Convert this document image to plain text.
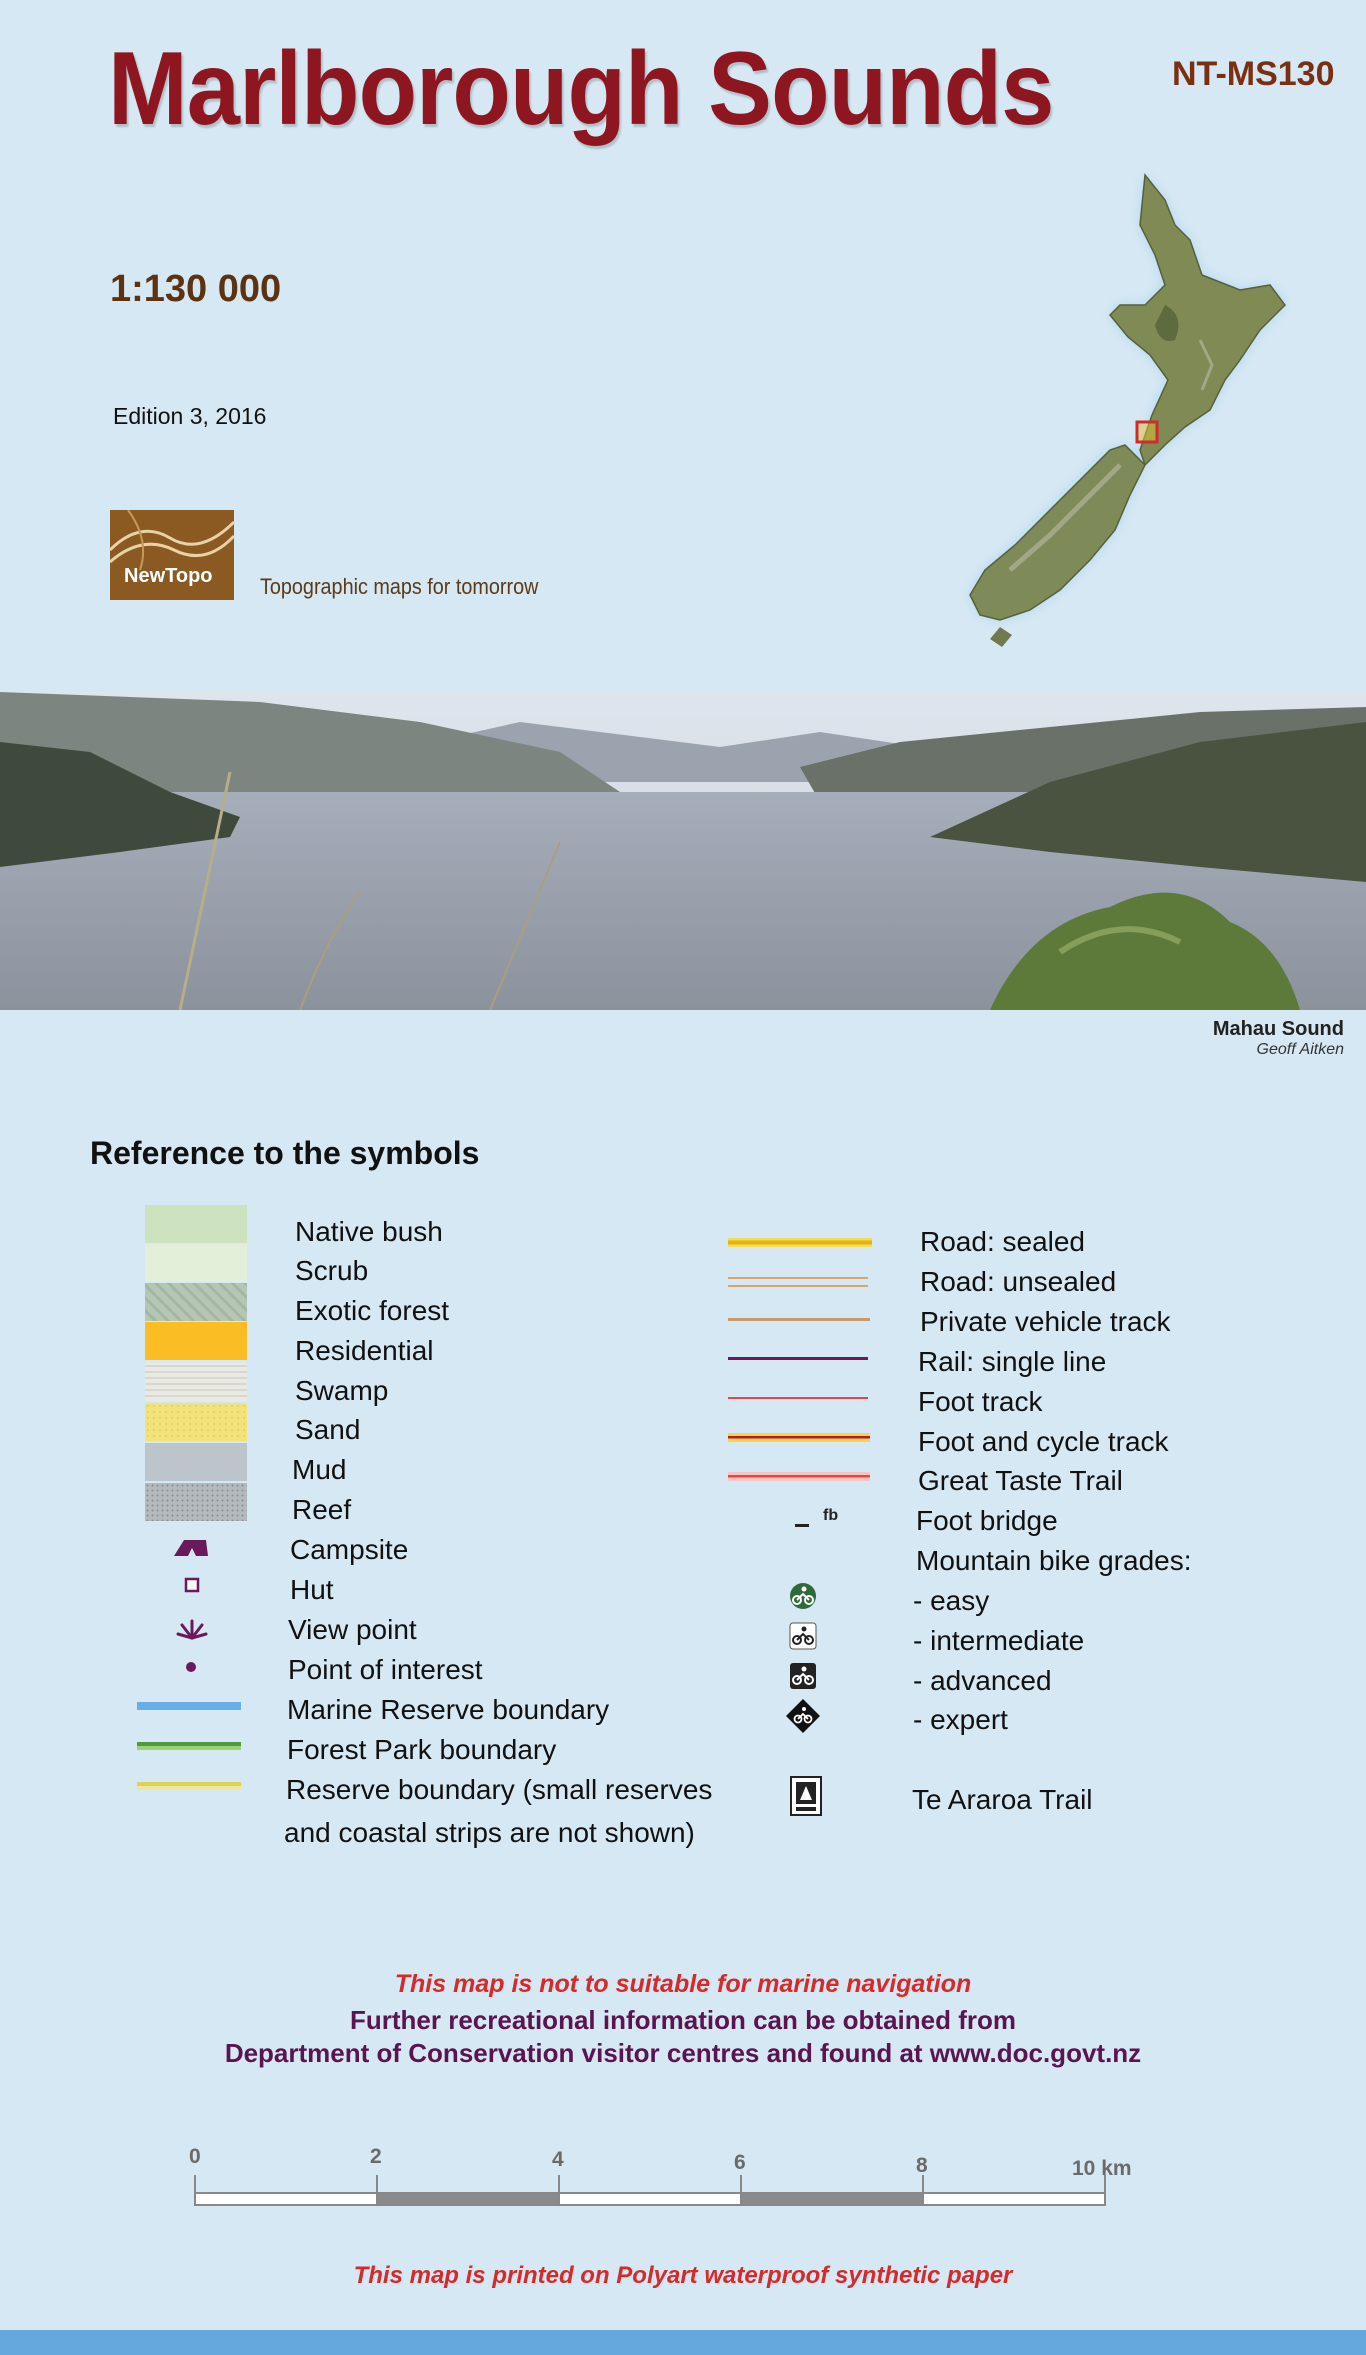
Marlborough Sounds	NT-MS130
1:130 000
Edition 3, 2016
NewTopo Topographic maps for tomorrow
Mahau Sound
Geoff Aitken
Reference to the symbols
Native bush
Scrub
Exotic forest
Residential
Swamp
Sand
Mud
Reef
Campsite
Hut
View point
Point of interest
Marine Reserve boundary
Forest Park boundary
Reserve boundary (small reserves
and coastal strips are not shown)
fb
Road: sealed
Road: unsealed
Private vehicle track
Rail: single line
Foot track
Foot and cycle track
Great Taste Trail
Foot bridge
Mountain bike grades:
- easy
- intermediate
- advanced
- expert
Te Araroa Trail
This map is not to suitable for marine navigation
Further recreational information can be obtained from
Department of Conservation visitor centres and found at www.doc.govt.nz
0	2	4	6	8	10 km
This map is printed on Polyart waterproof synthetic paper
